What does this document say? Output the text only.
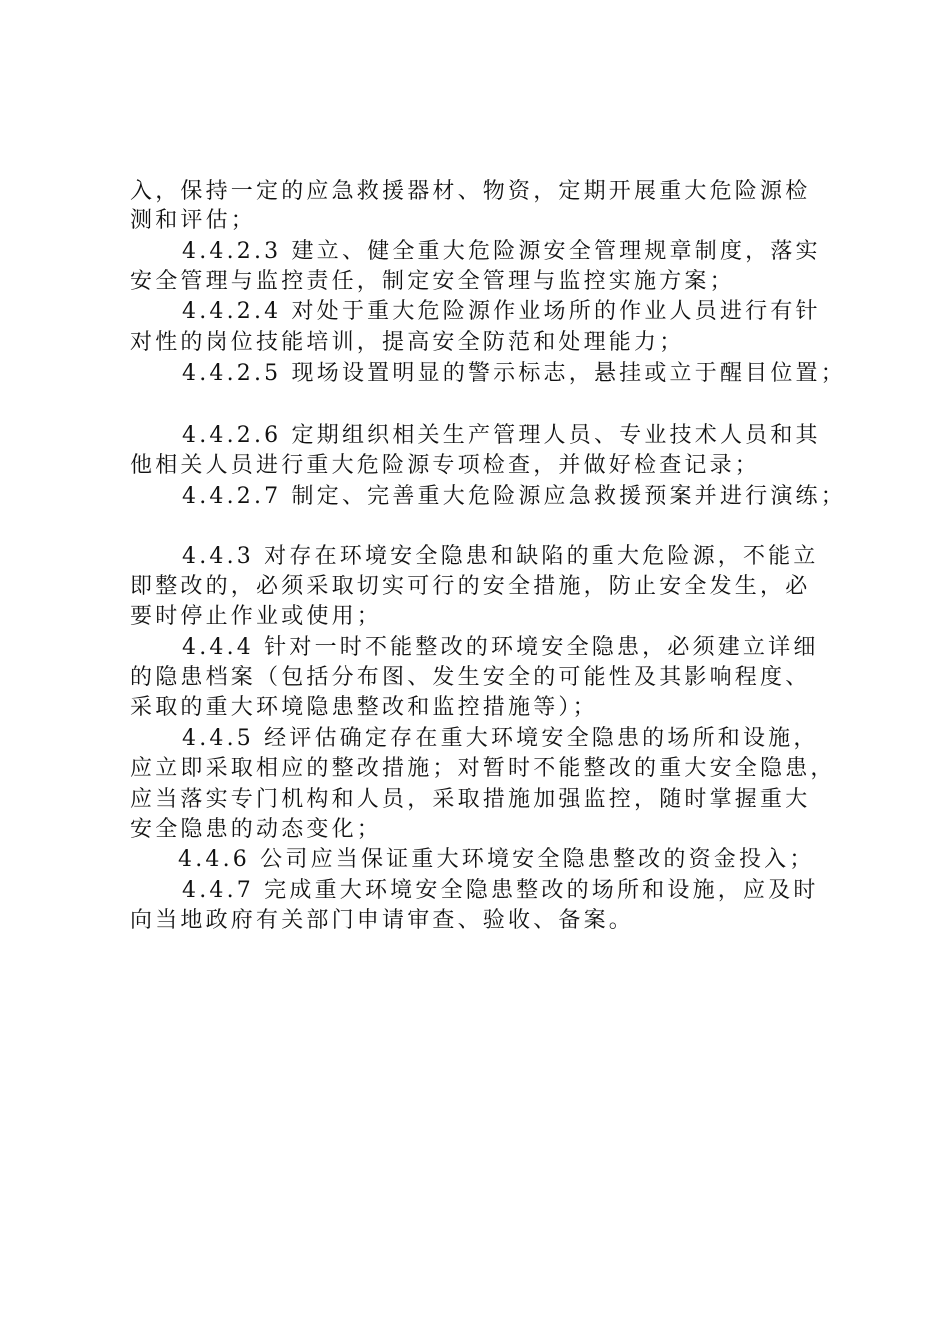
入，保持一定的应急救援器材、物资，定期开展重大危险源检
测和评估；
4.4.2.3 建立、健全重大危险源安全管理规章制度，落实
安全管理与监控责任，制定安全管理与监控实施方案；
4.4.2.4 对处于重大危险源作业场所的作业人员进行有针
对性的岗位技能培训，提高安全防范和处理能力；
4.4.2.5 现场设置明显的警示标志，悬挂或立于醒目位置；
4.4.2.6 定期组织相关生产管理人员、专业技术人员和其
他相关人员进行重大危险源专项检查，并做好检查记录；
4.4.2.7 制定、完善重大危险源应急救援预案并进行演练；
4.4.3 对存在环境安全隐患和缺陷的重大危险源，不能立
即整改的，必须采取切实可行的安全措施，防止安全发生，必
要时停止作业或使用；
4.4.4 针对一时不能整改的环境安全隐患，必须建立详细
的隐患档案（包括分布图、发生安全的可能性及其影响程度、
采取的重大环境隐患整改和监控措施等）；
4.4.5 经评估确定存在重大环境安全隐患的场所和设施，
应立即采取相应的整改措施；对暂时不能整改的重大安全隐患，
应当落实专门机构和人员，采取措施加强监控，随时掌握重大
安全隐患的动态变化；
4.4.6 公司应当保证重大环境安全隐患整改的资金投入；
4.4.7 完成重大环境安全隐患整改的场所和设施，应及时
向当地政府有关部门申请审查、验收、备案。
